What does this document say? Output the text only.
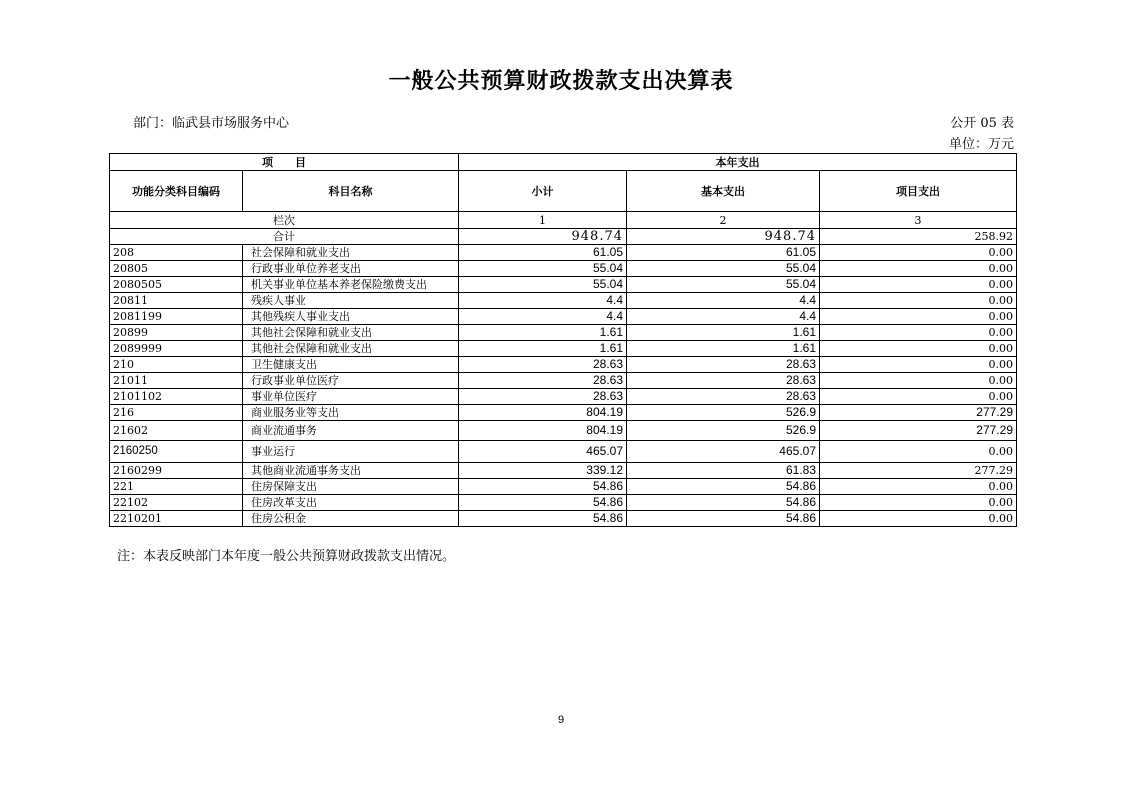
一般公共预算财政拨款支出决算表
部门：临武县市场服务中心	公开 05 表
单位：万元
项　　目		本年支出		
功能分类科目编码	科目名称	小计	基本支出	项目支出
栏次		1	2	3
合计		948.74	948.74	258.92
208	社会保障和就业支出	61.05	61.05	0.00
20805	行政事业单位养老支出	55.04	55.04	0.00
2080505	机关事业单位基本养老保险缴费支出	55.04	55.04	0.00
20811	残疾人事业	4.4	4.4	0.00
2081199	其他残疾人事业支出	4.4	4.4	0.00
20899	其他社会保障和就业支出	1.61	1.61	0.00
2089999	其他社会保障和就业支出	1.61	1.61	0.00
210	卫生健康支出	28.63	28.63	0.00
21011	行政事业单位医疗	28.63	28.63	0.00
2101102	事业单位医疗	28.63	28.63	0.00
216	商业服务业等支出	804.19	526.9	277.29
21602	商业流通事务	804.19	526.9	277.29
2160250	事业运行	465.07	465.07	0.00
2160299	其他商业流通事务支出	339.12	61.83	277.29
221	住房保障支出	54.86	54.86	0.00
22102	住房改革支出	54.86	54.86	0.00
2210201	住房公积金	54.86	54.86	0.00
注：本表反映部门本年度一般公共预算财政拨款支出情况。
9
